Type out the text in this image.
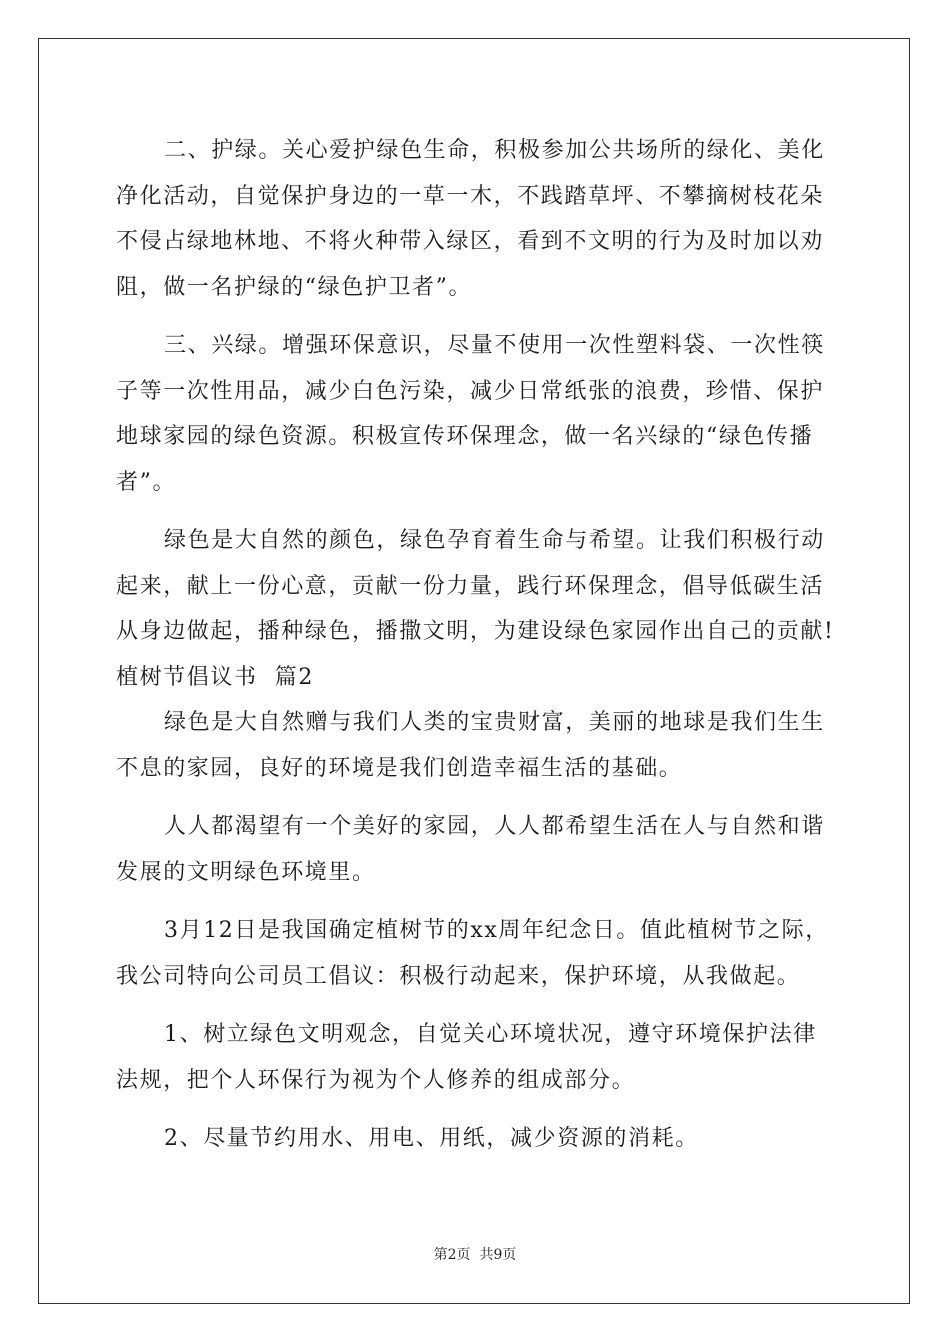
二、护绿。关心爱护绿色生命，积极参加公共场所的绿化、美化
净化活动，自觉保护身边的一草一木，不践踏草坪、不攀摘树枝花朵
不侵占绿地林地、不将火种带入绿区，看到不文明的行为及时加以劝
阻，做一名护绿的“绿色护卫者”。
三、兴绿。增强环保意识，尽量不使用一次性塑料袋、一次性筷
子等一次性用品，减少白色污染，减少日常纸张的浪费，珍惜、保护
地球家园的绿色资源。积极宣传环保理念，做一名兴绿的“绿色传播
者”。
绿色是大自然的颜色，绿色孕育着生命与希望。让我们积极行动
起来，献上一份心意，贡献一份力量，践行环保理念，倡导低碳生活
从身边做起，播种绿色，播撒文明，为建设绿色家园作出自己的贡献!
植树节倡议书  篇2
绿色是大自然赠与我们人类的宝贵财富，美丽的地球是我们生生
不息的家园，良好的环境是我们创造幸福生活的基础。
人人都渴望有一个美好的家园，人人都希望生活在人与自然和谐
发展的文明绿色环境里。
3月12日是我国确定植树节的xx周年纪念日。值此植树节之际，
我公司特向公司员工倡议：积极行动起来，保护环境，从我做起。
1、树立绿色文明观念，自觉关心环境状况，遵守环境保护法律
法规，把个人环保行为视为个人修养的组成部分。
2、尽量节约用水、用电、用纸，减少资源的消耗。
第2页  共9页
